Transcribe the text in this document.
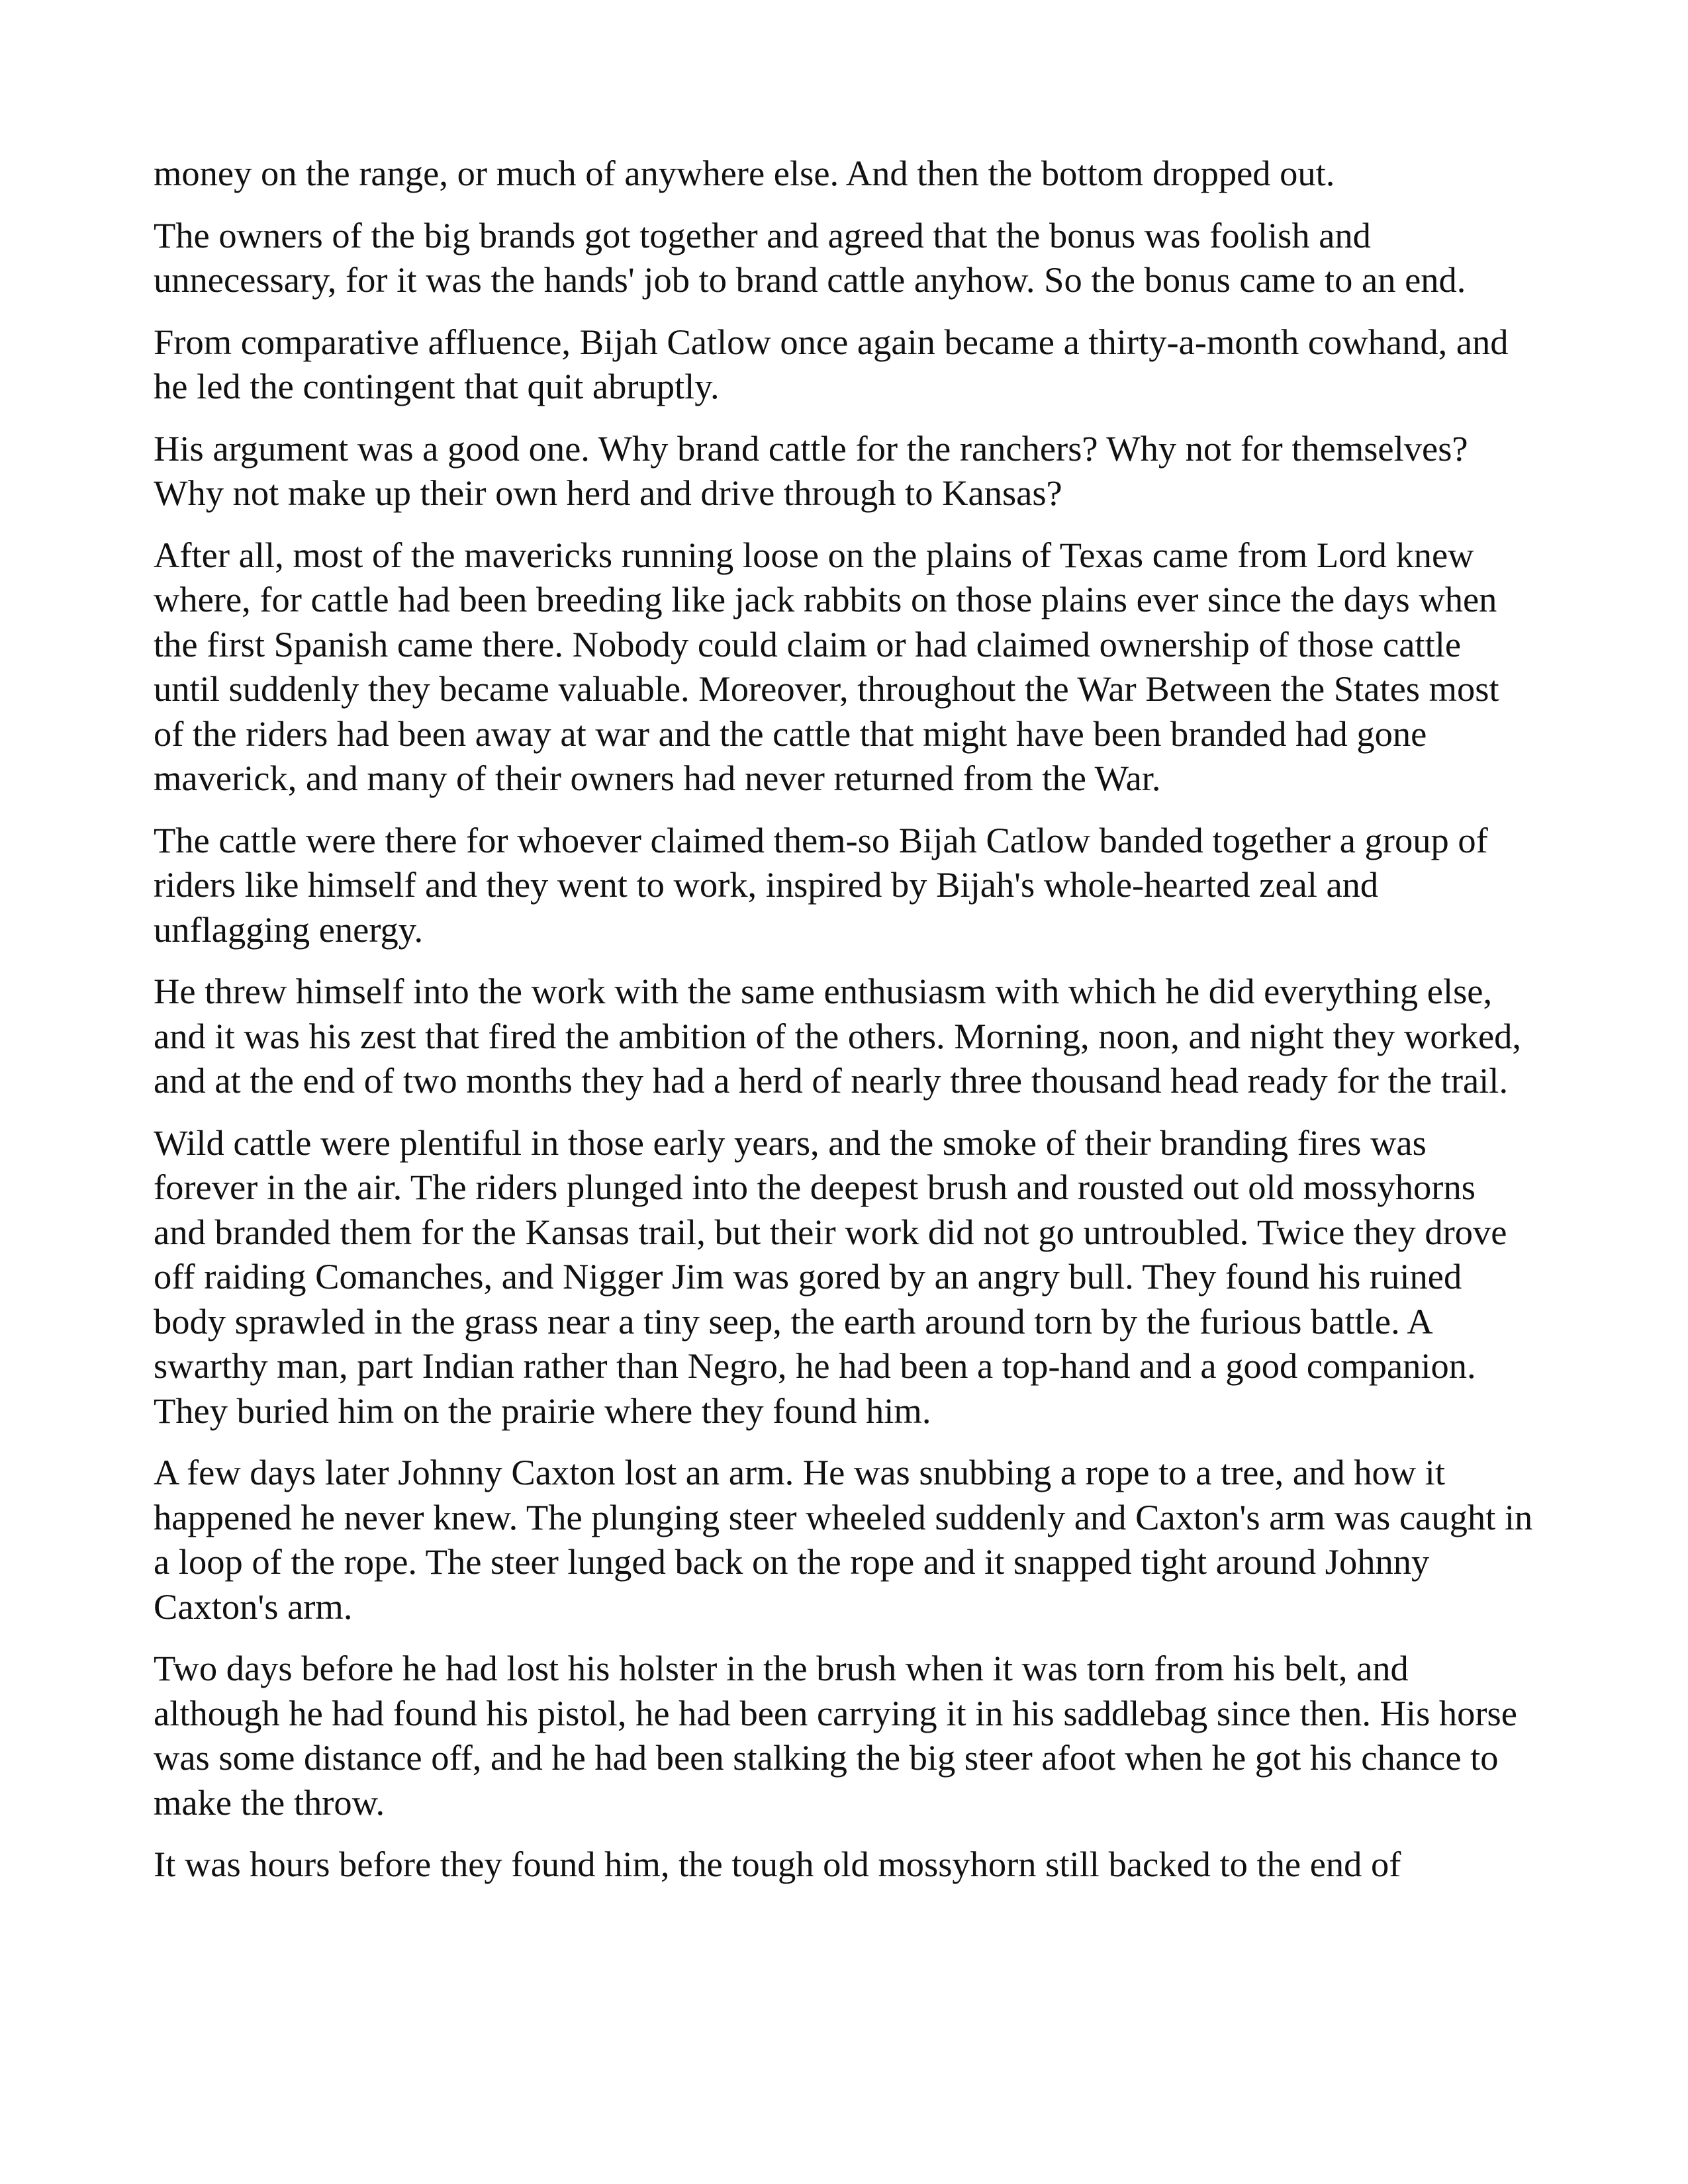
money on the range, or much of anywhere else. And then the bottom dropped out.

The owners of the big brands got together and agreed that the bonus was foolish and unnecessary, for it was the hands' job to brand cattle anyhow. So the bonus came to an end.

From comparative affluence, Bijah Catlow once again became a thirty-a-month cowhand, and he led the contingent that quit abruptly.

His argument was a good one. Why brand cattle for the ranchers? Why not for themselves? Why not make up their own herd and drive through to Kansas?

After all, most of the mavericks running loose on the plains of Texas came from Lord knew where, for cattle had been breeding like jack rabbits on those plains ever since the days when the first Spanish came there. Nobody could claim or had claimed ownership of those cattle until suddenly they became valuable. Moreover, throughout the War Between the States most of the riders had been away at war and the cattle that might have been branded had gone maverick, and many of their owners had never returned from the War.

The cattle were there for whoever claimed them-so Bijah Catlow banded together a group of riders like himself and they went to work, inspired by Bijah's whole-hearted zeal and unflagging energy.

He threw himself into the work with the same enthusiasm with which he did everything else, and it was his zest that fired the ambition of the others. Morning, noon, and night they worked, and at the end of two months they had a herd of nearly three thousand head ready for the trail.

Wild cattle were plentiful in those early years, and the smoke of their branding fires was forever in the air. The riders plunged into the deepest brush and rousted out old mossyhorns and branded them for the Kansas trail, but their work did not go untroubled. Twice they drove off raiding Comanches, and Nigger Jim was gored by an angry bull. They found his ruined body sprawled in the grass near a tiny seep, the earth around torn by the furious battle. A swarthy man, part Indian rather than Negro, he had been a top-hand and a good companion. They buried him on the prairie where they found him.

A few days later Johnny Caxton lost an arm. He was snubbing a rope to a tree, and how it happened he never knew. The plunging steer wheeled suddenly and Caxton's arm was caught in a loop of the rope. The steer lunged back on the rope and it snapped tight around Johnny Caxton's arm.

Two days before he had lost his holster in the brush when it was torn from his belt, and although he had found his pistol, he had been carrying it in his saddlebag since then. His horse was some distance off, and he had been stalking the big steer afoot when he got his chance to make the throw.

It was hours before they found him, the tough old mossyhorn still backed to the end of
